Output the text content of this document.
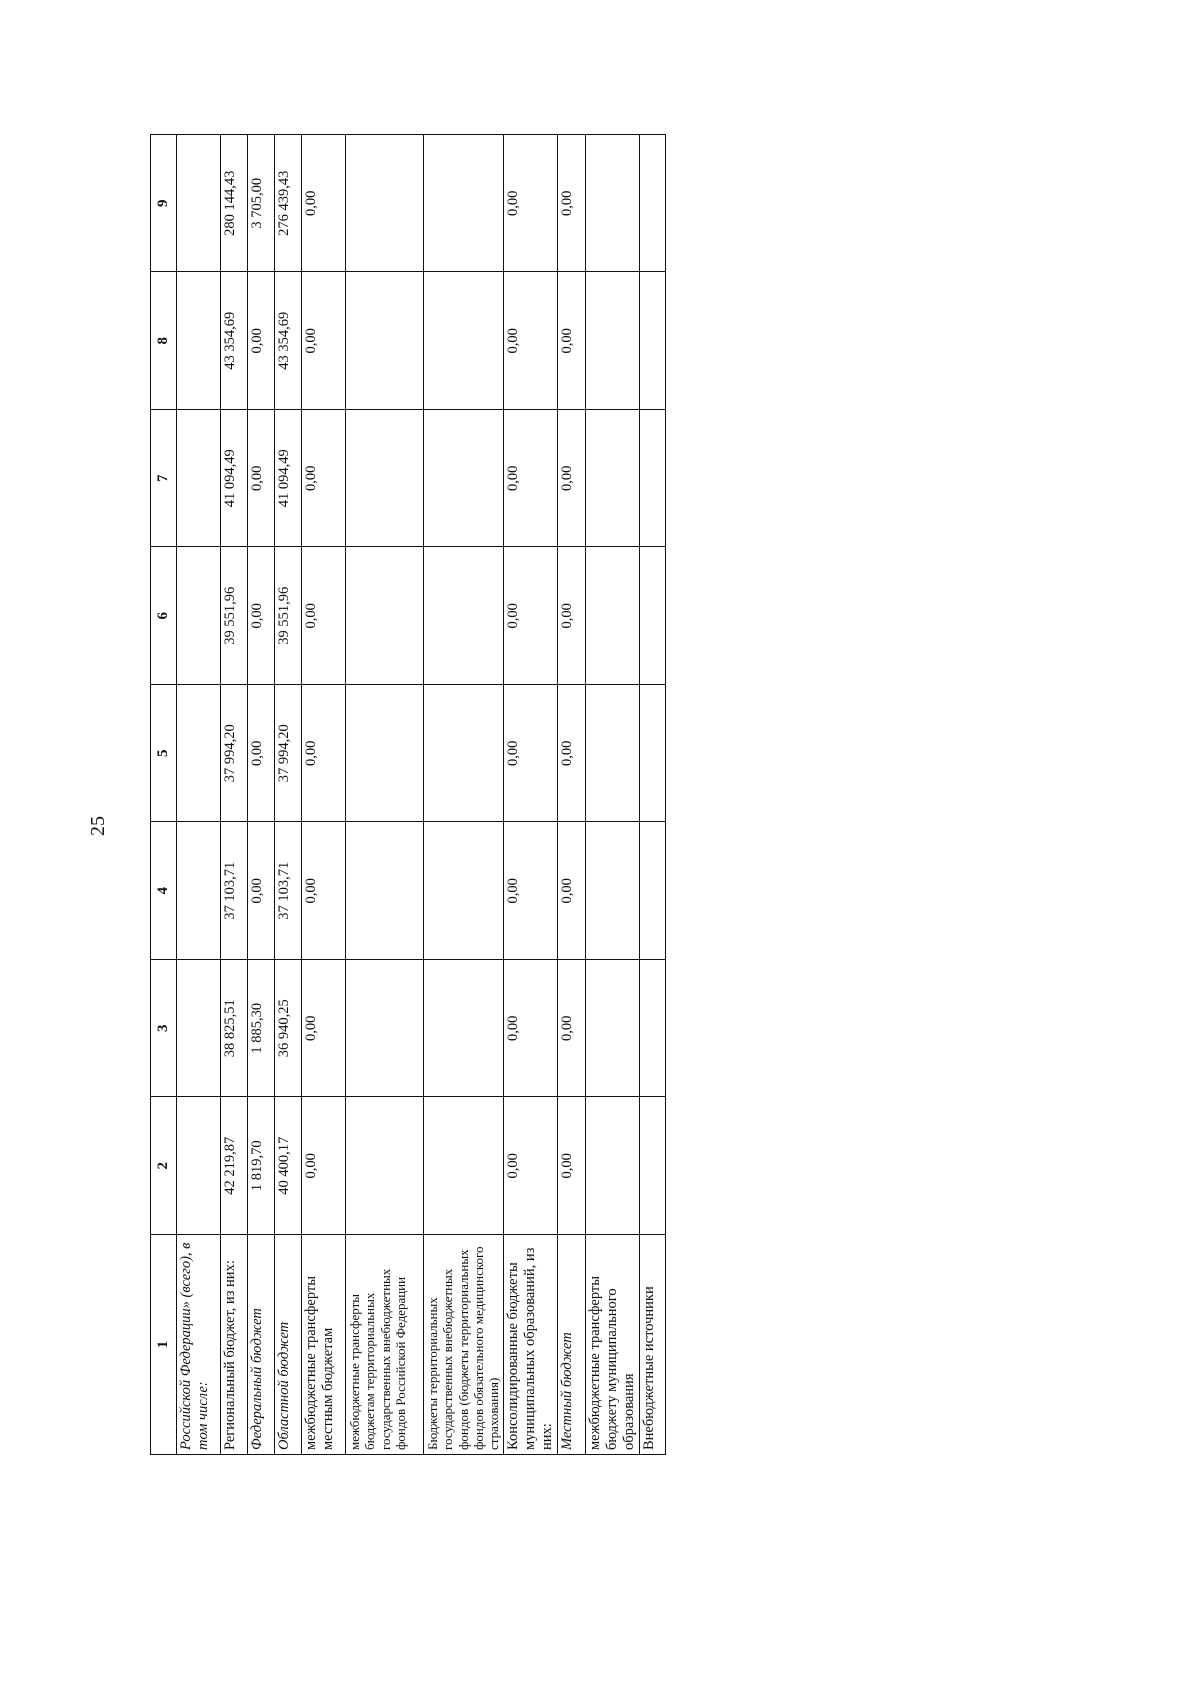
25
1	2	3	4	5	6	7	8	9
Российской Федерации» (всего), в том числе:								
Региональный бюджет, из них:	42 219,87	38 825,51	37 103,71	37 994,20	39 551,96	41 094,49	43 354,69	280 144,43
Федеральный бюджет	1 819,70	1 885,30	0,00	0,00	0,00	0,00	0,00	3 705,00
Областной бюджет	40 400,17	36 940,25	37 103,71	37 994,20	39 551,96	41 094,49	43 354,69	276 439,43
межбюджетные трансферты местным бюджетам	0,00	0,00	0,00	0,00	0,00	0,00	0,00	0,00
межбюджетные трансферты бюджетам территориальных государственных внебюджетных фондов Российской Федерации								
Бюджеты территориальных государственных внебюджетных фондов (бюджеты территориальных фондов обязательного медицинского страхования)								
Консолидированные бюджеты муниципальных образований, из них:	0,00	0,00	0,00	0,00	0,00	0,00	0,00	0,00
Местный бюджет	0,00	0,00	0,00	0,00	0,00	0,00	0,00	0,00
межбюджетные трансферты бюджету муниципального образования								
Внебюджетные источники								
